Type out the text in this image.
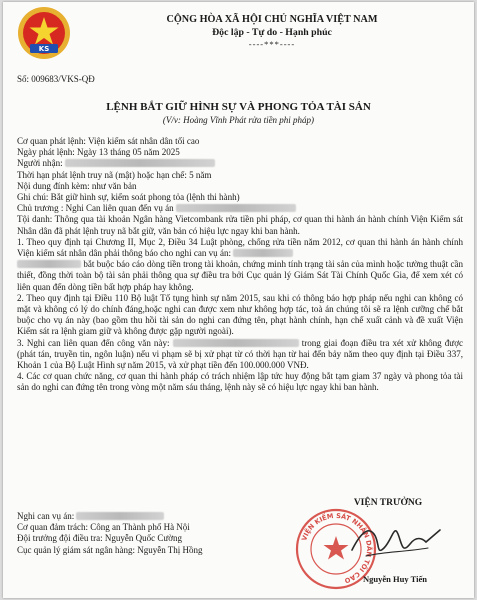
KS
CỘNG HÒA XÃ HỘI CHỦ NGHĨA VIỆT NAM
Độc lập - Tự do - Hạnh phúc
----***----
Số: 009683/VKS-QĐ
LỆNH BẮT GIỮ HÌNH SỰ VÀ PHONG TỎA TÀI SẢN
(V/v: Hoàng Vĩnh Phát rửa tiền phi pháp)

Cơ quan phát lệnh: Viện kiểm sát nhân dân tối cao

Ngày phát lệnh: Ngày 13 tháng 05 năm 2025

Người nhận:

Thời hạn phát lệnh truy nã (mật) hoặc hạn chế: 5 năm

Nội dung đính kèm: như văn bản

Ghi chú: Bắt giữ hình sự, kiểm soát phong tỏa (lệnh thi hành)

Chủ trương : Nghi Can liên quan đến vụ án

Tội danh: Thông qua tài khoản Ngân hàng Vietcombank rửa tiền phi pháp, cơ quan thi hành án hành chính Viện Kiểm sát Nhân dân đã phát lệnh truy nã bắt giữ, văn bản có hiệu lực ngay khi ban hành.

1. Theo quy định tại Chương II, Mục 2, Điều 34 Luật phòng, chống rửa tiền năm 2012, cơ quan thi hành án hành chính Viện kiểm sát nhân dân phải thông báo cho nghi can vụ án:
bắt buộc báo cáo dòng tiền trong tài khoản, chứng minh tính trạng tài sản của mình hoặc tường thuật cần thiết, đồng thời toàn bộ tài sản phải thông qua sự điều tra bởi Cục quản lý Giám Sát Tài Chính Quốc Gia, để xem xét có liên quan đến dòng tiền bất hợp pháp hay không.

2. Theo quy định tại Điều 110 Bộ luật Tố tụng hình sự năm 2015, sau khi có thông báo hợp pháp nếu nghi can không có mặt và không có lý do chính đáng,hoặc nghi can được xem như không hợp tác, toà án chúng tôi sẽ ra lệnh cưỡng chế bắt buộc cho vụ án này (bao gồm thu hồi tài sản do nghi can đứng tên, phạt hành chính, hạn chế xuất cảnh và đề xuất Viện Kiểm sát ra lệnh giam giữ và không được gặp người ngoài).

3. Nghi can liên quan đến công văn này:	trong giai đoạn điều tra xét xử không được (phát tán, truyền tin, ngôn luận) nếu vi phạm sẽ bị xử phạt từ có thời hạn từ hai đến bảy năm theo quy định tại Điều 337, Khoản 1 của Bộ Luật Hình sự năm 2015, và xử phạt tiền đến 100.000.000 VNĐ.

4. Các cơ quan chức năng, cơ quan thi hành pháp có trách nhiệm lập tức huy động bắt tạm giam 37 ngày và phong tỏa tài sản do nghi can đứng tên trong vòng một năm sáu tháng, lệnh này sẽ có hiệu lực ngay khi ban hành.

Nghi can vụ án:
Cơ quan đảm trách: Công an Thành phố Hà Nội
Đội trưởng đội điều tra: Nguyễn Quốc Cường
Cục quản lý giám sát ngân hàng: Nguyễn Thị Hồng
VIỆN TRƯỞNG
VIỆN KIỂM SÁT NHÂN DÂN TỐI CAO	Nguyễn Huy Tiến
